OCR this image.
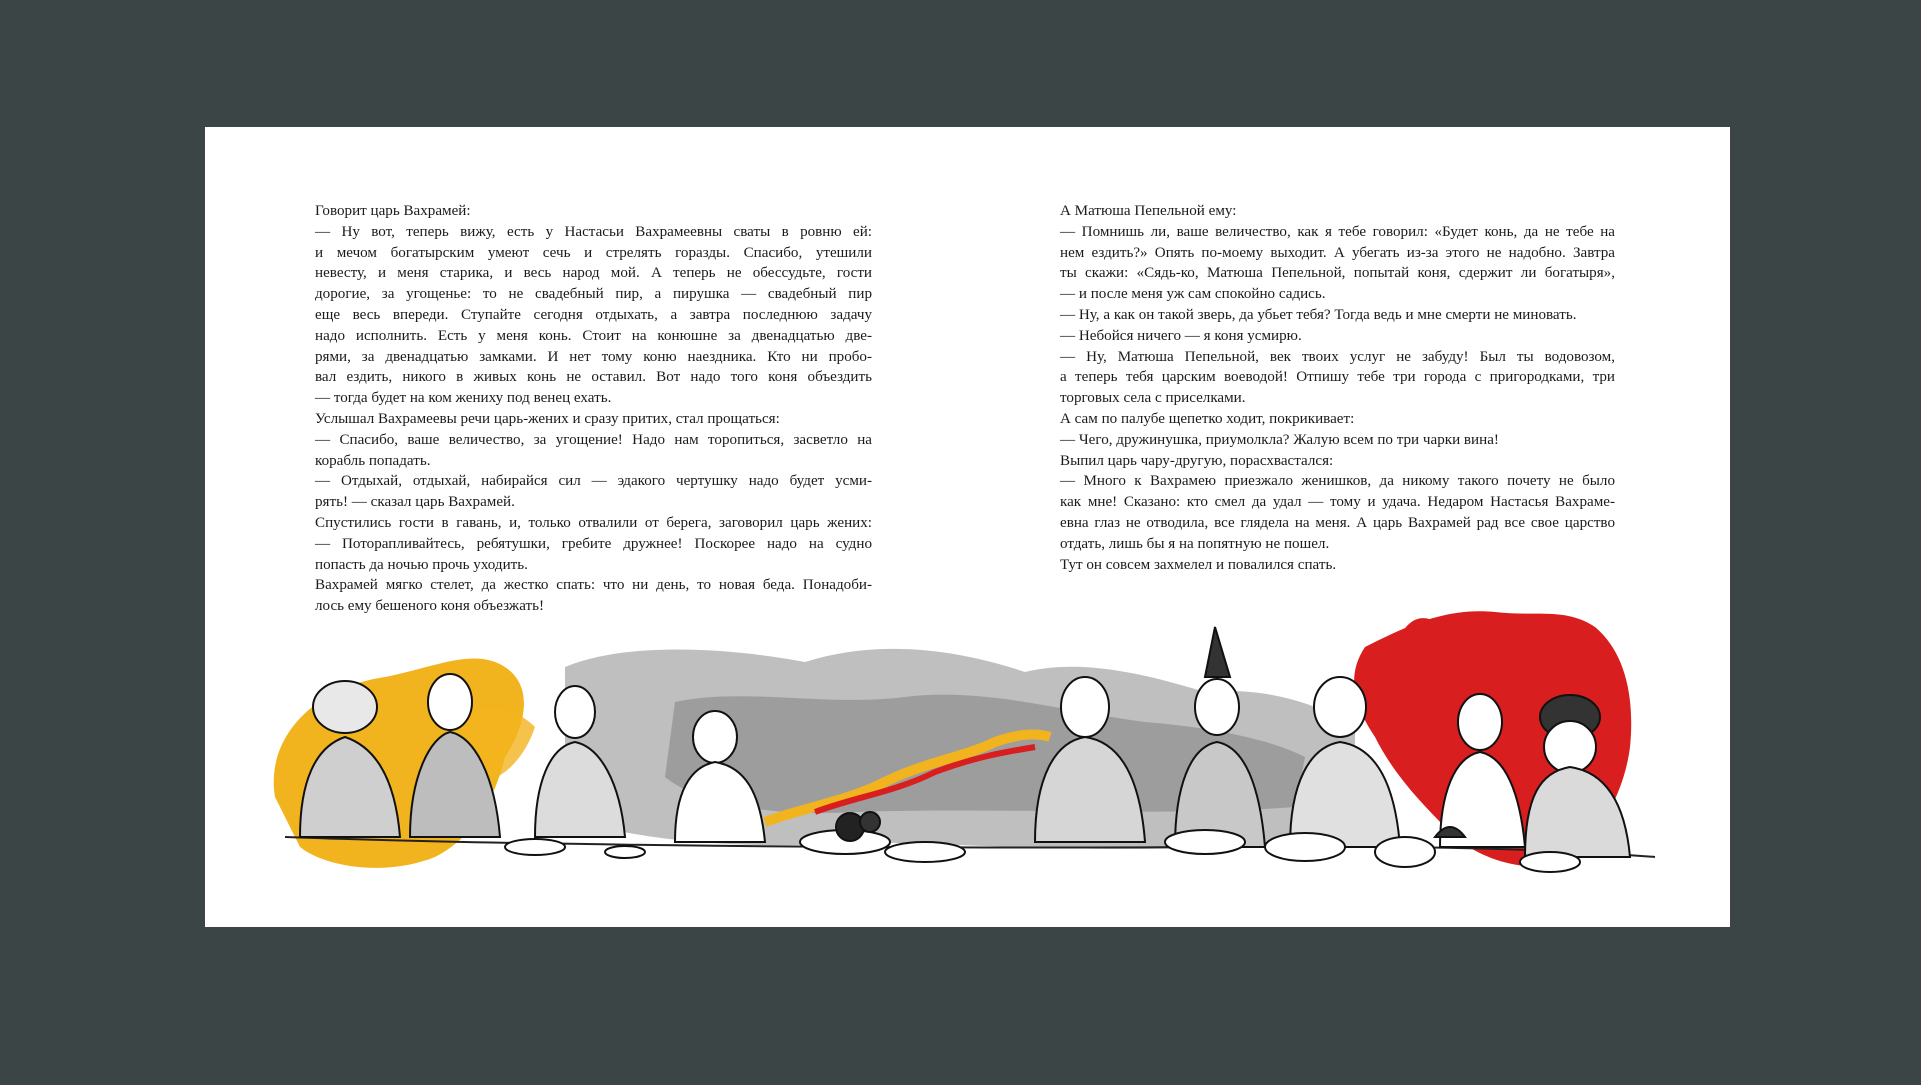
Говорит царь Вахрамей:
— Ну вот, теперь вижу, есть у Настасьи Вахрамеевны сваты в ровню ей:
и мечом богатырским умеют сечь и стрелять горазды. Спасибо, утешили
невесту, и меня старика, и весь народ мой. А теперь не обессудьте, гости
дорогие, за угощенье: то не свадебный пир, а пирушка — свадебный пир
еще весь впереди. Ступайте сегодня отдыхать, а завтра последнюю задачу
надо исполнить. Есть у меня конь. Стоит на конюшне за двенадцатью две-
рями, за двенадцатью замками. И нет тому коню наездника. Кто ни пробо-
вал ездить, никого в живых конь не оставил. Вот надо того коня объездить
— тогда будет на ком жениху под венец ехать.
Услышал Вахрамеевы речи царь-жених и сразу притих, стал прощаться:
— Спасибо, ваше величество, за угощение! Надо нам торопиться, засветло на
корабль попадать.
— Отдыхай, отдыхай, набирайся сил — эдакого чертушку надо будет усми-
рять! — сказал царь Вахрамей.
Спустились гости в гавань, и, только отвалили от берега, заговорил царь жених:
— Поторапливайтесь, ребятушки, гребите дружнее! Поскорее надо на судно
попасть да ночью прочь уходить.
Вахрамей мягко стелет, да жестко спать: что ни день, то новая беда. Понадоби-
лось ему бешеного коня объезжать!
А Матюша Пепельной ему:
— Помнишь ли, ваше величество, как я тебе говорил: «Будет конь, да не тебе на
нем ездить?» Опять по-моему выходит. А убегать из-за этого не надобно. Завтра
ты скажи: «Сядь-ко, Матюша Пепельной, попытай коня, сдержит ли богатыря»,
— и после меня уж сам спокойно садись.
— Ну, а как он такой зверь, да убьет тебя? Тогда ведь и мне смерти не миновать.
— Небойся ничего — я коня усмирю.
— Ну, Матюша Пепельной, век твоих услуг не забуду! Был ты водовозом,
а теперь тебя царским воеводой! Отпишу тебе три города с пригородками, три
торговых села с приселками.
А сам по палубе щепетко ходит, покрикивает:
— Чего, дружинушка, приумолкла? Жалую всем по три чарки вина!
Выпил царь чару-другую, порасхвастался:
— Много к Вахрамею приезжало женишков, да никому такого почету не было
как мне! Сказано: кто смел да удал — тому и удача. Недаром Настасья Вахраме-
евна глаз не отводила, все глядела на меня. А царь Вахрамей рад все свое царство
отдать, лишь бы я на попятную не пошел.
Тут он совсем захмелел и повалился спать.
